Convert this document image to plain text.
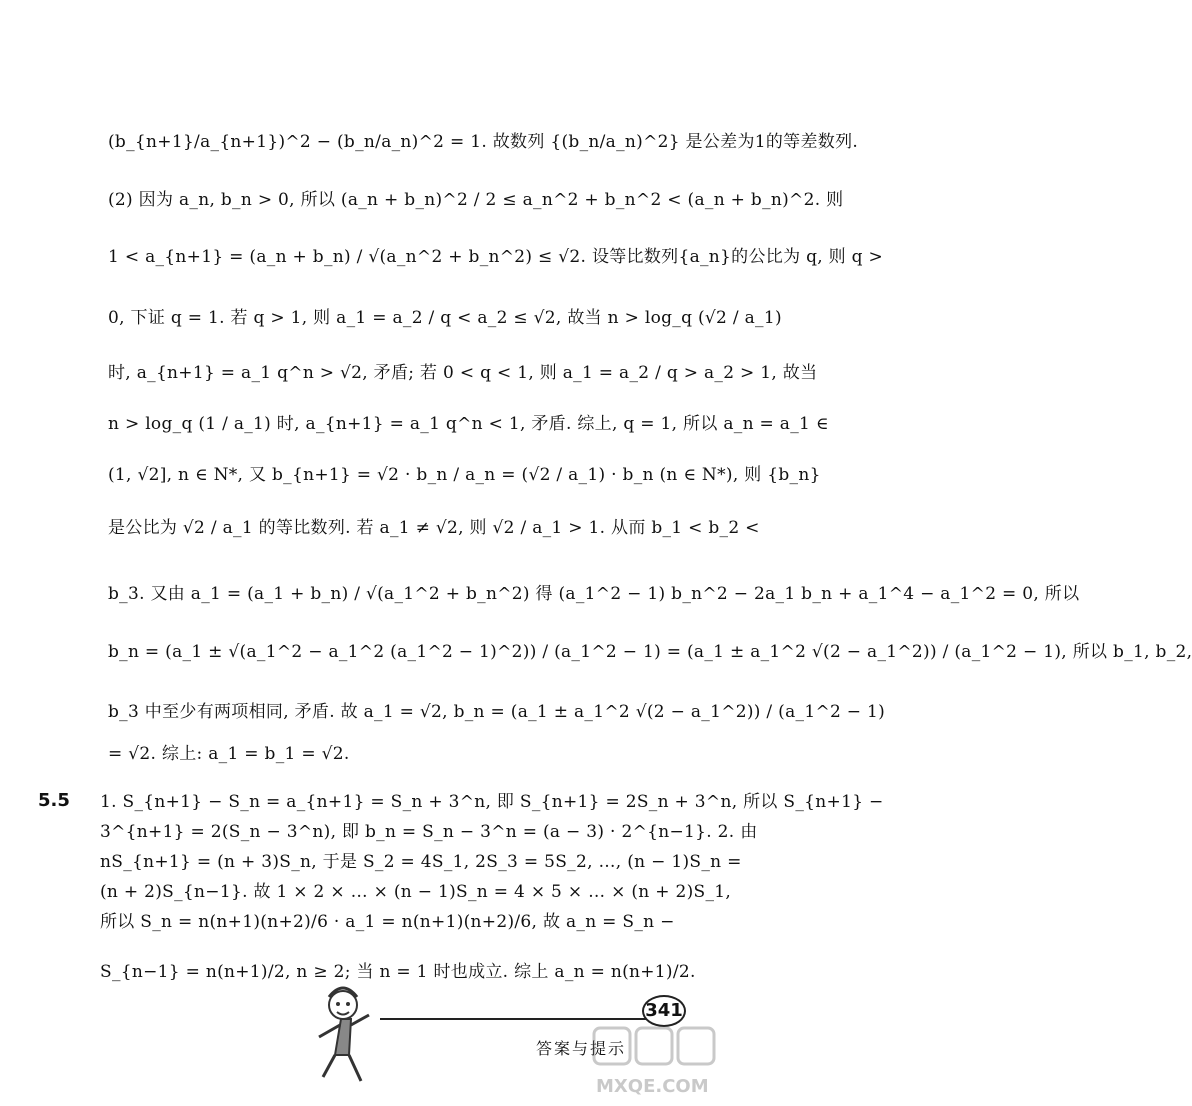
(b_{n+1}/a_{n+1})^2 − (b_n/a_n)^2 = 1. 故数列 {(b_n/a_n)^2} 是公差为1的等差数列.
(2) 因为 a_n, b_n > 0, 所以 (a_n + b_n)^2 / 2 ≤ a_n^2 + b_n^2 < (a_n + b_n)^2. 则
1 < a_{n+1} = (a_n + b_n) / √(a_n^2 + b_n^2) ≤ √2. 设等比数列{a_n}的公比为 q, 则 q >
0, 下证 q = 1. 若 q > 1, 则 a_1 = a_2 / q < a_2 ≤ √2, 故当 n > log_q (√2 / a_1)
时, a_{n+1} = a_1 q^n > √2, 矛盾; 若 0 < q < 1, 则 a_1 = a_2 / q > a_2 > 1, 故当
n > log_q (1 / a_1) 时, a_{n+1} = a_1 q^n < 1, 矛盾. 综上, q = 1, 所以 a_n = a_1 ∈
(1, √2], n ∈ N*, 又 b_{n+1} = √2 · b_n / a_n = (√2 / a_1) · b_n (n ∈ N*), 则 {b_n}
是公比为 √2 / a_1 的等比数列. 若 a_1 ≠ √2, 则 √2 / a_1 > 1. 从而 b_1 < b_2 <
b_3. 又由 a_1 = (a_1 + b_n) / √(a_1^2 + b_n^2) 得 (a_1^2 − 1) b_n^2 − 2a_1 b_n + a_1^4 − a_1^2 = 0, 所以
b_n = (a_1 ± √(a_1^2 − a_1^2 (a_1^2 − 1)^2)) / (a_1^2 − 1) = (a_1 ± a_1^2 √(2 − a_1^2)) / (a_1^2 − 1), 所以 b_1, b_2,
b_3 中至少有两项相同, 矛盾. 故 a_1 = √2, b_n = (a_1 ± a_1^2 √(2 − a_1^2)) / (a_1^2 − 1)
= √2. 综上: a_1 = b_1 = √2.
5.5 1. S_{n+1} − S_n = a_{n+1} = S_n + 3^n, 即 S_{n+1} = 2S_n + 3^n, 所以 S_{n+1} −
3^{n+1} = 2(S_n − 3^n), 即 b_n = S_n − 3^n = (a − 3) · 2^{n−1}. 2. 由
nS_{n+1} = (n + 3)S_n, 于是 S_2 = 4S_1, 2S_3 = 5S_2, …, (n − 1)S_n =
(n + 2)S_{n−1}. 故 1 × 2 × … × (n − 1)S_n = 4 × 5 × … × (n + 2)S_1,
所以 S_n = n(n+1)(n+2)/6 · a_1 = n(n+1)(n+2)/6, 故 a_n = S_n −
S_{n−1} = n(n+1)/2, n ≥ 2; 当 n = 1 时也成立. 综上 a_n = n(n+1)/2.
341
答案与提示
MXQE.COM
